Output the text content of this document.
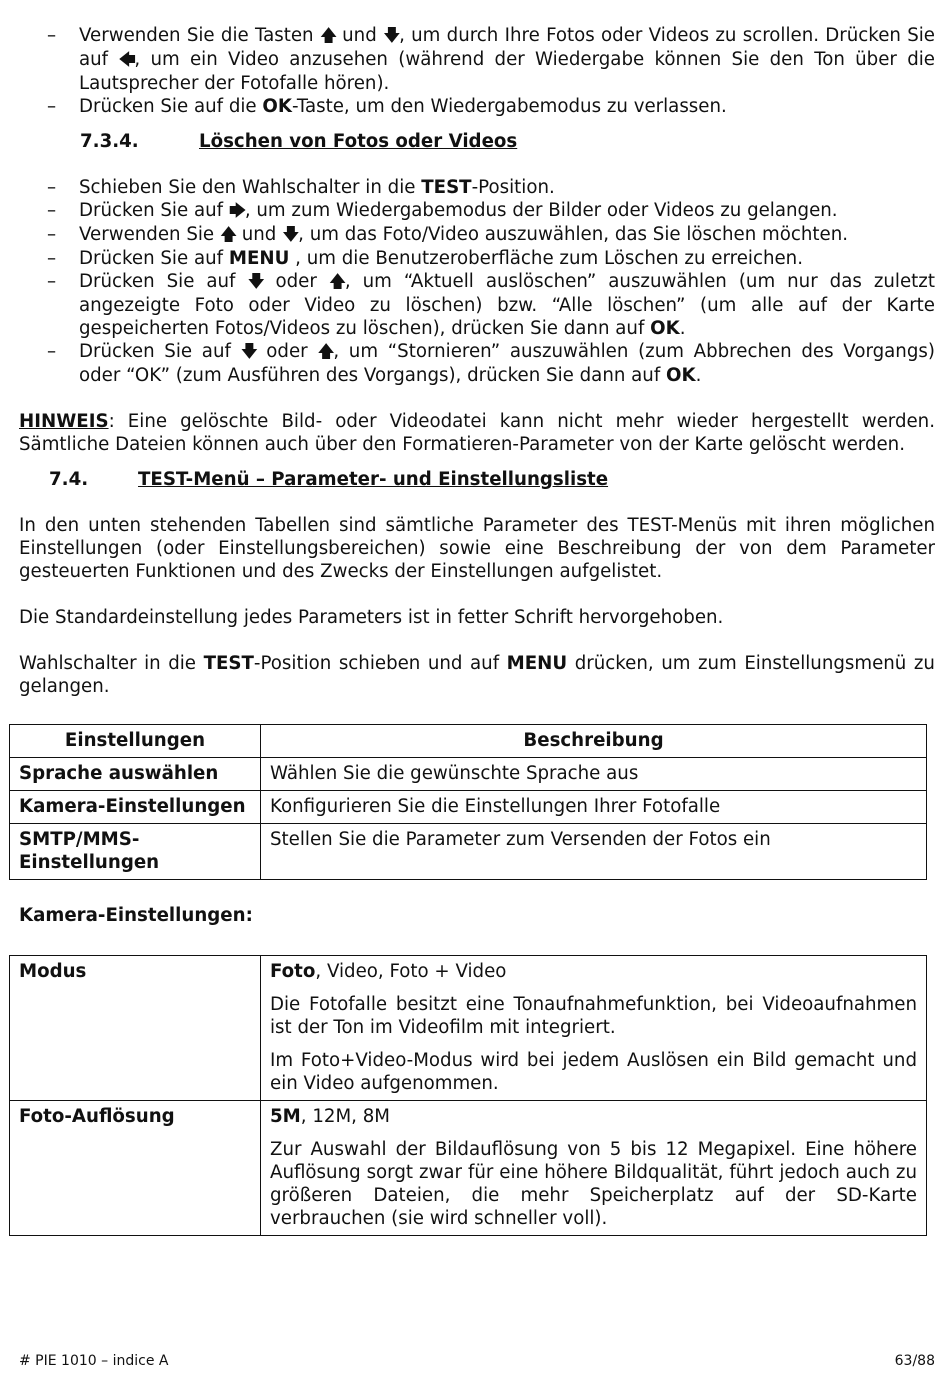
– Verwenden Sie die Tasten 🡅 und 🡇, um durch Ihre Fotos oder Videos zu scrollen. Drücken Sie auf 🡄, um ein Video anzusehen (während der Wiedergabe können Sie den Ton über die Lautsprecher der Fotofalle hören).
– Drücken Sie auf die OK-Taste, um den Wiedergabemodus zu verlassen.
7.3.4.	Löschen von Fotos oder Videos
– Schieben Sie den Wahlschalter in die TEST-Position.
– Drücken Sie auf 🡆, um zum Wiedergabemodus der Bilder oder Videos zu gelangen.
– Verwenden Sie 🡅 und 🡇, um das Foto/Video auszuwählen, das Sie löschen möchten.
– Drücken Sie auf MENU , um die Benutzeroberfläche zum Löschen zu erreichen.
– Drücken Sie auf 🡇 oder 🡅, um “Aktuell auslöschen” auszuwählen (um nur das zuletzt angezeigte Foto oder Video zu löschen) bzw. “Alle löschen” (um alle auf der Karte gespeicherten Fotos/Videos zu löschen), drücken Sie dann auf OK.
– Drücken Sie auf 🡇 oder 🡅, um “Stornieren” auszuwählen (zum Abbrechen des Vorgangs) oder “OK” (zum Ausführen des Vorgangs), drücken Sie dann auf OK.

HINWEIS: Eine gelöschte Bild- oder Videodatei kann nicht mehr wieder hergestellt werden. Sämtliche Dateien können auch über den Formatieren-Parameter von der Karte gelöscht werden.

7.4.	TEST-Menü – Parameter- und Einstellungsliste

In den unten stehenden Tabellen sind sämtliche Parameter des TEST-Menüs mit ihren möglichen Einstellungen (oder Einstellungsbereichen) sowie eine Beschreibung der von dem Parameter gesteuerten Funktionen und des Zwecks der Einstellungen aufgelistet.

Die Standardeinstellung jedes Parameters ist in fetter Schrift hervorgehoben.

Wahlschalter in die TEST-Position schieben und auf MENU drücken, um zum Einstellungsmenü zu gelangen.

Einstellungen	Beschreibung
Sprache auswählen	Wählen Sie die gewünschte Sprache aus
Kamera-Einstellungen	Konfigurieren Sie die Einstellungen Ihrer Fotofalle
SMTP/MMS-Einstellungen	Stellen Sie die Parameter zum Versenden der Fotos ein

Kamera-Einstellungen:

Modus	Foto, Video, Foto + Video

Die Fotofalle besitzt eine Tonaufnahmefunktion, bei Videoaufnahmen ist der Ton im Videofilm mit integriert.

Im Foto+Video-Modus wird bei jedem Auslösen ein Bild gemacht und ein Video aufgenommen.

Foto-Auflösung	5M, 12M, 8M

Zur Auswahl der Bildauflösung von 5 bis 12 Megapixel. Eine höhere Auflösung sorgt zwar für eine höhere Bildqualität, führt jedoch auch zu größeren Dateien, die mehr Speicherplatz auf der SD-Karte verbrauchen (sie wird schneller voll).

# PIE 1010 – indice A	63/88
